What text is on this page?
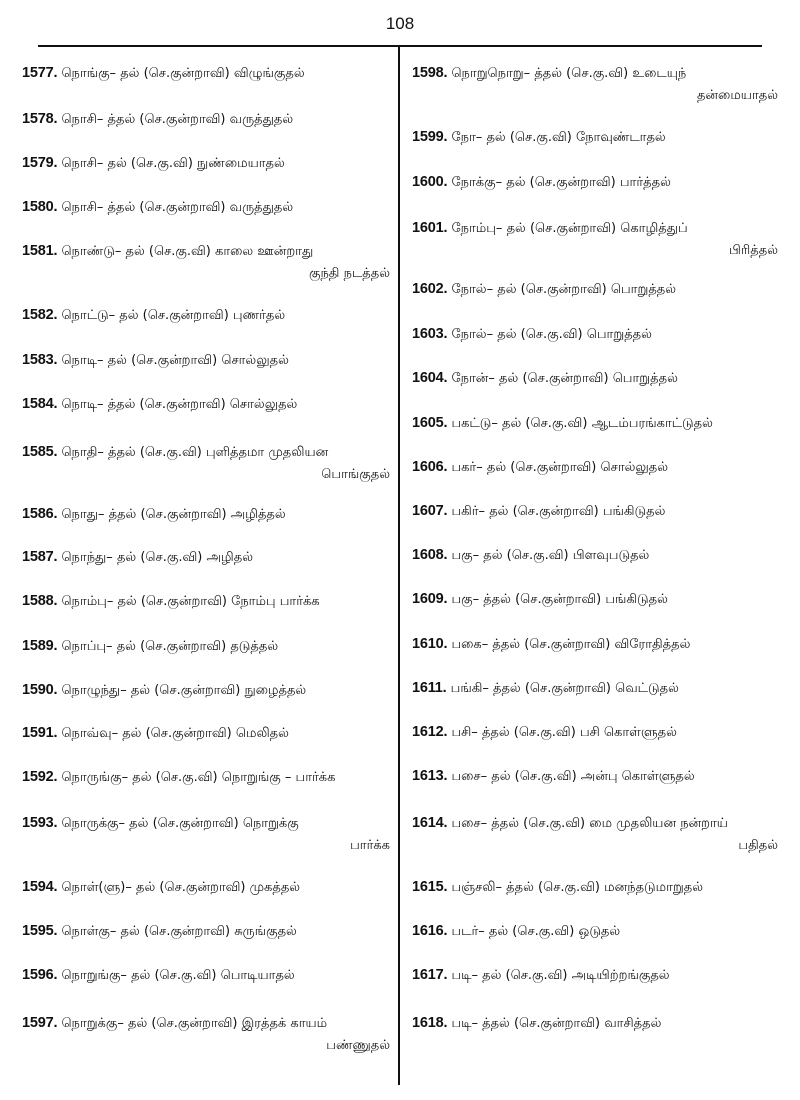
108
1577. நொங்கு– தல் (செ.குன்றாவி) விழுங்குதல்
1578. நொசி– த்தல் (செ.குன்றாவி) வருத்துதல்
1579. நொசி– தல் (செ.கு.வி) நுண்மையாதல்
1580. நொசி– த்தல் (செ.குன்றாவி) வருத்துதல்
1581. நொண்டு– தல் (செ.கு.வி) காலை ஊன்றாது
குந்தி நடத்தல்
1582. நொட்டு– தல் (செ.குன்றாவி) புணர்தல்
1583. நொடி– தல் (செ.குன்றாவி) சொல்லுதல்
1584. நொடி– த்தல் (செ.குன்றாவி) சொல்லுதல்
1585. நொதி– த்தல் (செ.கு.வி) புளித்தமா முதலியன
பொங்குதல்
1586. நொது– த்தல் (செ.குன்றாவி) அழித்தல்
1587. நொந்து– தல் (செ.கு.வி) அழிதல்
1588. நொம்பு– தல் (செ.குன்றாவி) நோம்பு பார்க்க
1589. நொப்பு– தல் (செ.குன்றாவி) தடுத்தல்
1590. நொழுந்து– தல் (செ.குன்றாவி) நுழைத்தல்
1591. நொவ்வு– தல் (செ.குன்றாவி) மெலிதல்
1592. நொருங்கு– தல் (செ.கு.வி) நொறுங்கு – பார்க்க
1593. நொருக்கு– தல் (செ.குன்றாவி) நொறுக்கு
பார்க்க
1594. நொள்(ளு)– தல் (செ.குன்றாவி) முகத்தல்
1595. நொள்கு– தல் (செ.குன்றாவி) சுருங்குதல்
1596. நொறுங்கு– தல் (செ.கு.வி) பொடியாதல்
1597. நொறுக்கு– தல் (செ.குன்றாவி) இரத்தக் காயம்
பண்ணுதல்
1598. நொறுநொறு– த்தல் (செ.கு.வி) உடையுந்
தன்மையாதல்
1599. நோ– தல் (செ.கு.வி) நோவுண்டாதல்
1600. நோக்கு– தல் (செ.குன்றாவி) பார்த்தல்
1601. நோம்பு– தல் (செ.குன்றாவி) கொழித்துப்
பிரித்தல்
1602. நோல்– தல் (செ.குன்றாவி) பொறுத்தல்
1603. நோல்– தல் (செ.கு.வி) பொறுத்தல்
1604. நோன்– தல் (செ.குன்றாவி) பொறுத்தல்
1605. பகட்டு– தல் (செ.கு.வி) ஆடம்பரங்காட்டுதல்
1606. பகர்– தல் (செ.குன்றாவி) சொல்லுதல்
1607. பகிர்– தல் (செ.குன்றாவி) பங்கிடுதல்
1608. பகு– தல் (செ.கு.வி) பிளவுபடுதல்
1609. பகு– த்தல் (செ.குன்றாவி) பங்கிடுதல்
1610. பகை– த்தல் (செ.குன்றாவி) விரோதித்தல்
1611. பங்கி– த்தல் (செ.குன்றாவி) வெட்டுதல்
1612. பசி– த்தல் (செ.கு.வி) பசி கொள்ளுதல்
1613. பசை– தல் (செ.கு.வி) அன்பு கொள்ளுதல்
1614. பசை– த்தல் (செ.கு.வி) மை முதலியன நன்றாய்
பதிதல்
1615. பஞ்சலி– த்தல் (செ.கு.வி) மனந்தடுமாறுதல்
1616. படர்– தல் (செ.கு.வி) ஒடுதல்
1617. படி– தல் (செ.கு.வி) அடியிற்றங்குதல்
1618. படி– த்தல் (செ.குன்றாவி) வாசித்தல்
